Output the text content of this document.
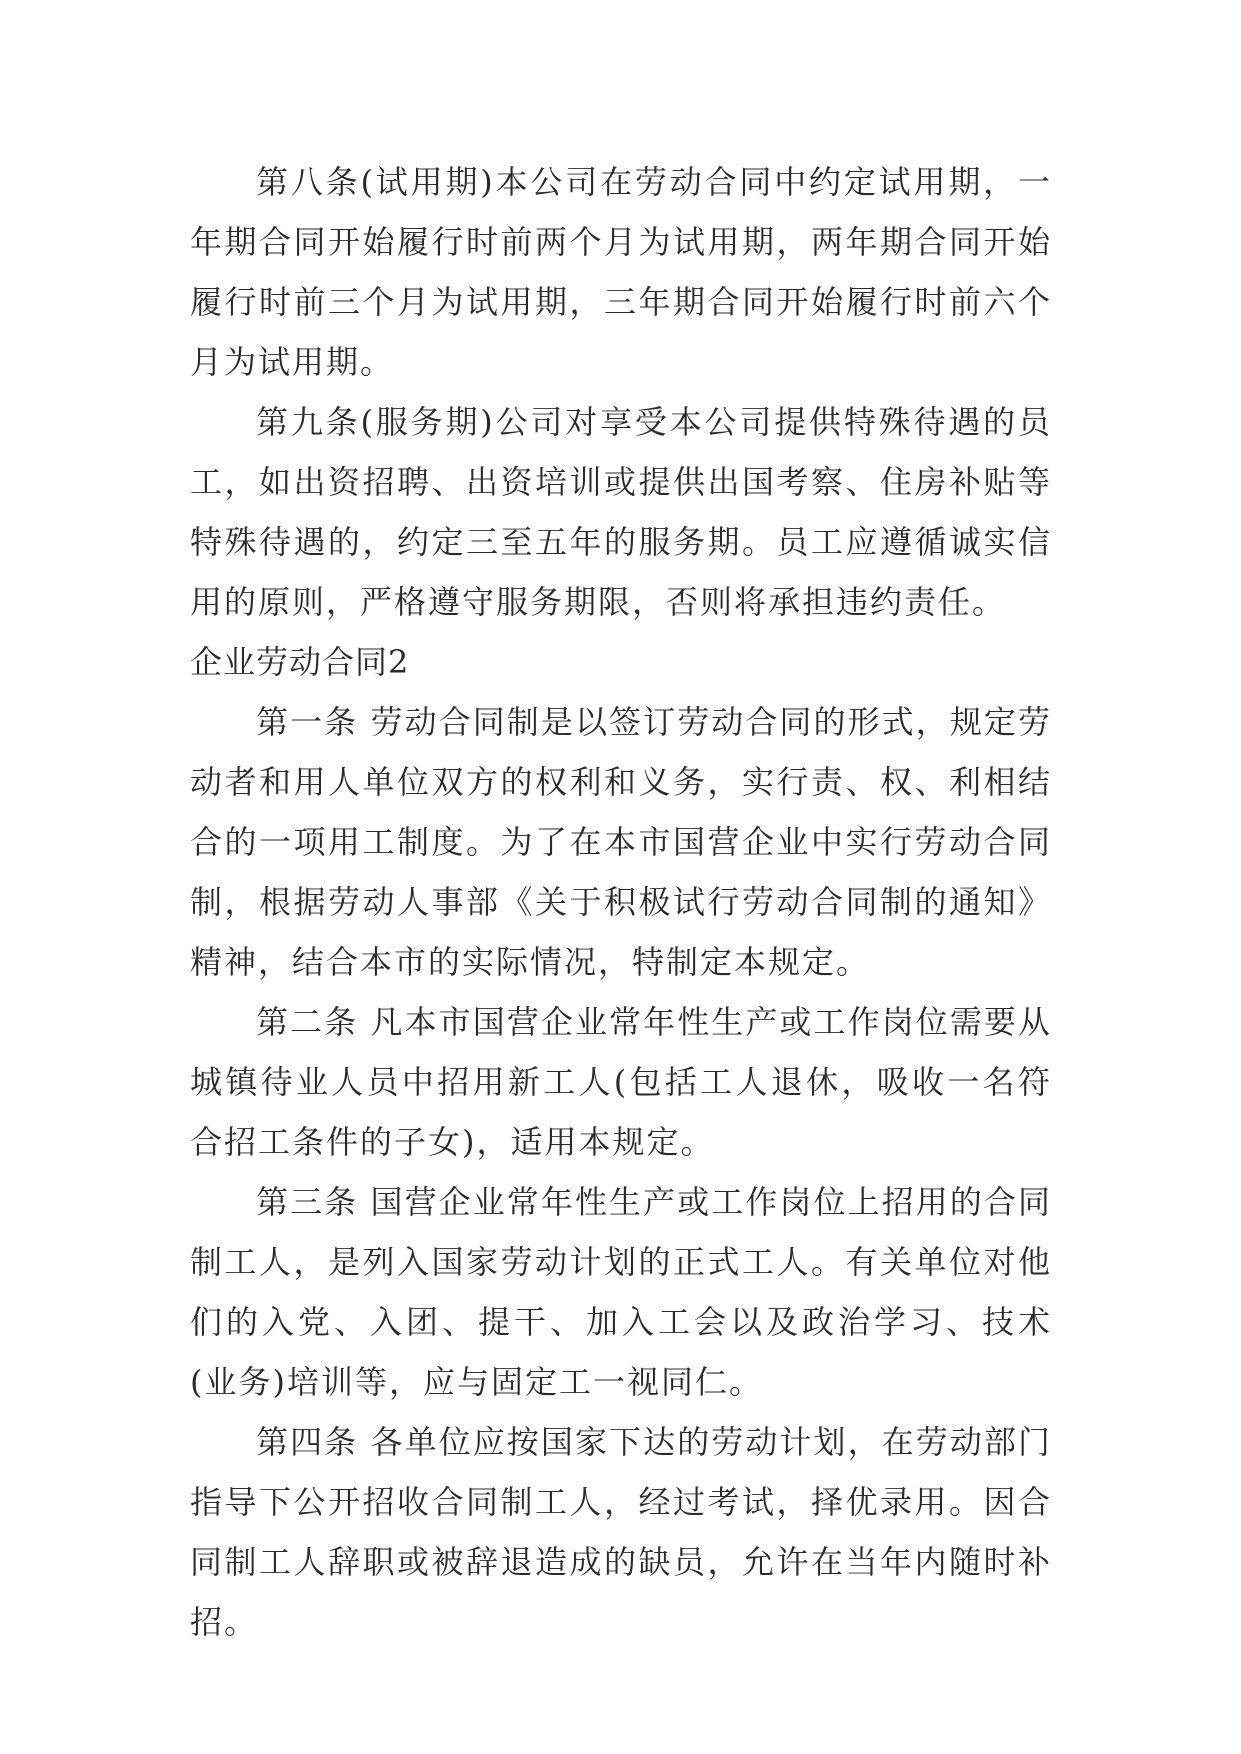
第八条(试用期)本公司在劳动合同中约定试用期，一年期合同开始履行时前两个月为试用期，两年期合同开始履行时前三个月为试用期，三年期合同开始履行时前六个月为试用期。

第九条(服务期)公司对享受本公司提供特殊待遇的员工，如出资招聘、出资培训或提供出国考察、住房补贴等特殊待遇的，约定三至五年的服务期。员工应遵循诚实信用的原则，严格遵守服务期限，否则将承担违约责任。

企业劳动合同2

第一条 劳动合同制是以签订劳动合同的形式，规定劳动者和用人单位双方的权利和义务，实行责、权、利相结合的一项用工制度。为了在本市国营企业中实行劳动合同制，根据劳动人事部《关于积极试行劳动合同制的通知》精神，结合本市的实际情况，特制定本规定。

第二条 凡本市国营企业常年性生产或工作岗位需要从城镇待业人员中招用新工人(包括工人退休，吸收一名符合招工条件的子女)，适用本规定。

第三条 国营企业常年性生产或工作岗位上招用的合同制工人，是列入国家劳动计划的正式工人。有关单位对他们的入党、入团、提干、加入工会以及政治学习、技术(业务)培训等，应与固定工一视同仁。

第四条 各单位应按国家下达的劳动计划，在劳动部门指导下公开招收合同制工人，经过考试，择优录用。因合同制工人辞职或被辞退造成的缺员，允许在当年内随时补招。
